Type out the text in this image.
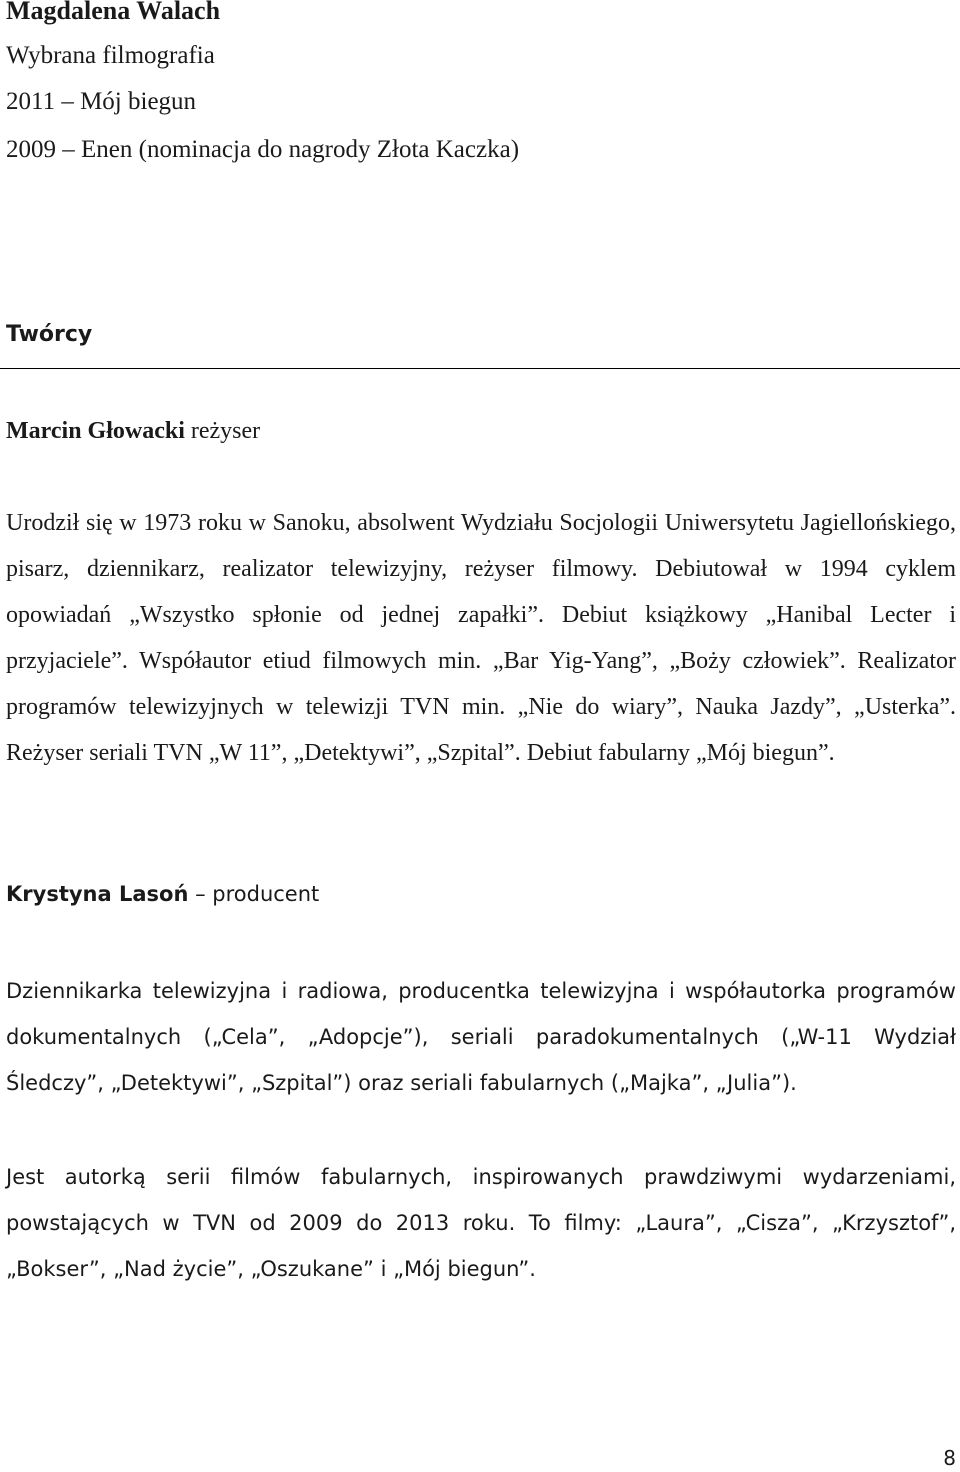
Magdalena Walach
Wybrana filmografia
2011 – Mój biegun
2009 – Enen (nominacja do nagrody Złota Kaczka)
Twórcy
Marcin Głowacki reżyser

Urodził się w 1973 roku w Sanoku, absolwent Wydziału Socjologii Uniwersytetu Jagiellońskiego, pisarz, dziennikarz, realizator telewizyjny, reżyser filmowy. Debiutował w 1994 cyklem opowiadań „Wszystko spłonie od jednej zapałki”. Debiut książkowy „Hanibal Lecter i przyjaciele”. Współautor etiud filmowych min. „Bar Yig-Yang”, „Boży człowiek”. Realizator programów telewizyjnych w telewizji TVN min. „Nie do wiary”, Nauka Jazdy”, „Usterka”. Reżyser seriali TVN „W 11”, „Detektywi”, „Szpital”. Debiut fabularny „Mój biegun”.

Krystyna Lasoń – producent

Dziennikarka telewizyjna i radiowa, producentka telewizyjna i współautorka programów dokumentalnych („Cela”, „Adopcje”), seriali paradokumentalnych („W-11 Wydział Śledczy”, „Detektywi”, „Szpital”) oraz seriali fabularnych („Majka”, „Julia”).

Jest autorką serii filmów fabularnych, inspirowanych prawdziwymi wydarzeniami, powstających w TVN od 2009 do 2013 roku. To filmy: „Laura”, „Cisza”, „Krzysztof”, „Bokser”, „Nad życie”, „Oszukane” i „Mój biegun”.

8
